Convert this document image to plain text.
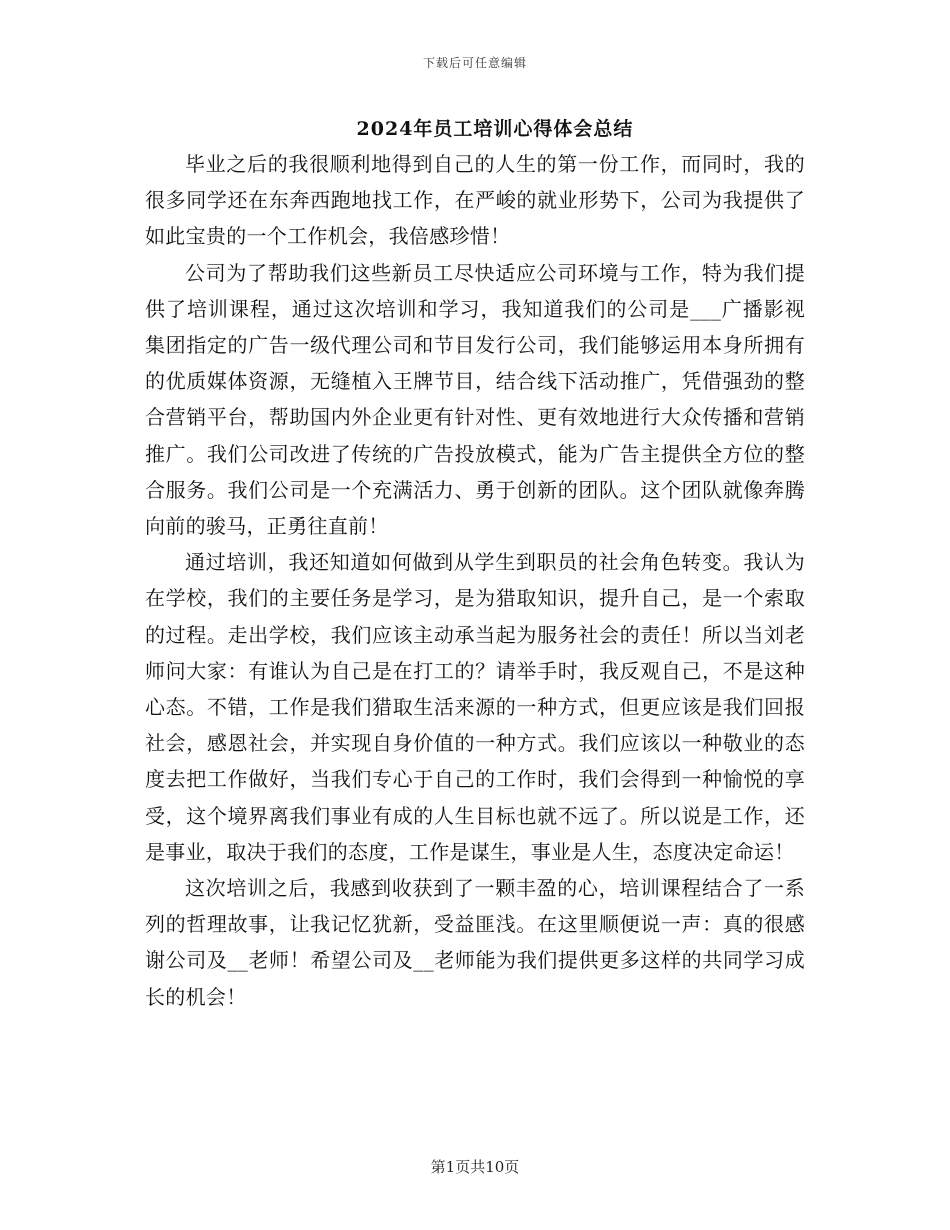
下载后可任意编辑
2024年员工培训心得体会总结

毕业之后的我很顺利地得到自己的人生的第一份工作，而同时，我的很多同学还在东奔西跑地找工作，在严峻的就业形势下，公司为我提供了如此宝贵的一个工作机会，我倍感珍惜！

公司为了帮助我们这些新员工尽快适应公司环境与工作，特为我们提供了培训课程，通过这次培训和学习，我知道我们的公司是___广播影视集团指定的广告一级代理公司和节目发行公司，我们能够运用本身所拥有的优质媒体资源，无缝植入王牌节目，结合线下活动推广，凭借强劲的整合营销平台，帮助国内外企业更有针对性、更有效地进行大众传播和营销推广。我们公司改进了传统的广告投放模式，能为广告主提供全方位的整合服务。我们公司是一个充满活力、勇于创新的团队。这个团队就像奔腾向前的骏马，正勇往直前！

通过培训，我还知道如何做到从学生到职员的社会角色转变。我认为在学校，我们的主要任务是学习，是为猎取知识，提升自己，是一个索取的过程。走出学校，我们应该主动承当起为服务社会的责任！所以当刘老师问大家：有谁认为自己是在打工的？请举手时，我反观自己，不是这种心态。不错，工作是我们猎取生活来源的一种方式，但更应该是我们回报社会，感恩社会，并实现自身价值的一种方式。我们应该以一种敬业的态度去把工作做好，当我们专心于自己的工作时，我们会得到一种愉悦的享受，这个境界离我们事业有成的人生目标也就不远了。所以说是工作，还是事业，取决于我们的态度，工作是谋生，事业是人生，态度决定命运！

这次培训之后，我感到收获到了一颗丰盈的心，培训课程结合了一系列的哲理故事，让我记忆犹新，受益匪浅。在这里顺便说一声：真的很感谢公司及__老师！希望公司及__老师能为我们提供更多这样的共同学习成长的机会！

第1页共10页
